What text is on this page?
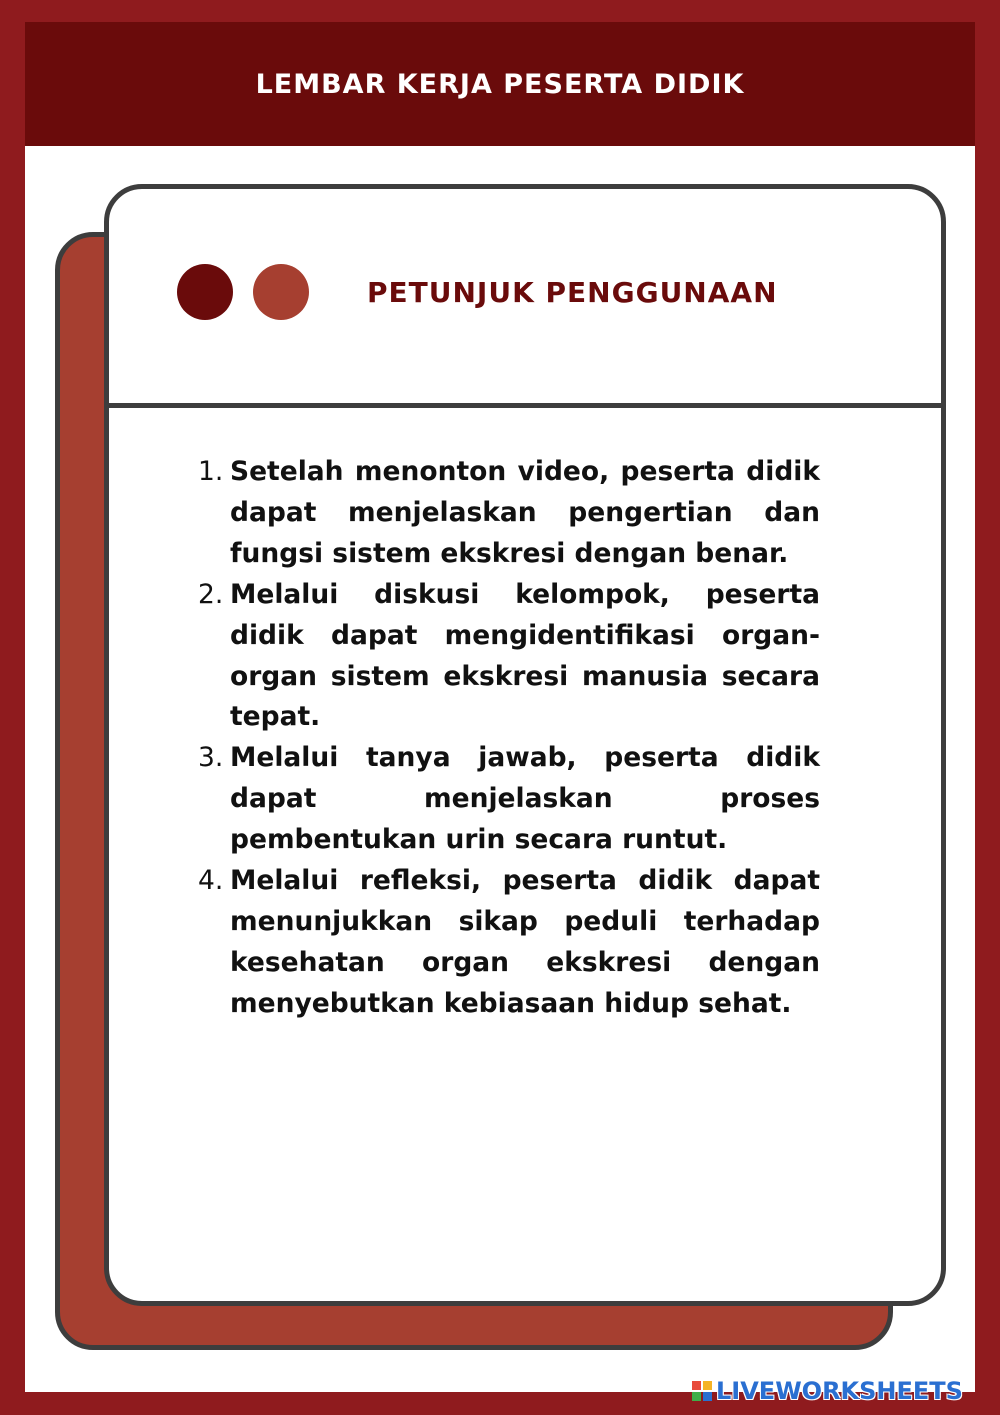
LEMBAR KERJA PESERTA DIDIK
PETUNJUK PENGGUNAAN
1. Setelah menonton video, peserta didik dapat menjelaskan pengertian dan fungsi sistem ekskresi dengan benar.
2. Melalui diskusi kelompok, peserta didik dapat mengidentifikasi organ-organ sistem ekskresi manusia secara tepat.
3. Melalui tanya jawab, peserta didik dapat menjelaskan proses pembentukan urin secara runtut.
4. Melalui refleksi, peserta didik dapat menunjukkan sikap peduli terhadap kesehatan organ ekskresi dengan menyebutkan kebiasaan hidup sehat.
LIVEWORKSHEETS
